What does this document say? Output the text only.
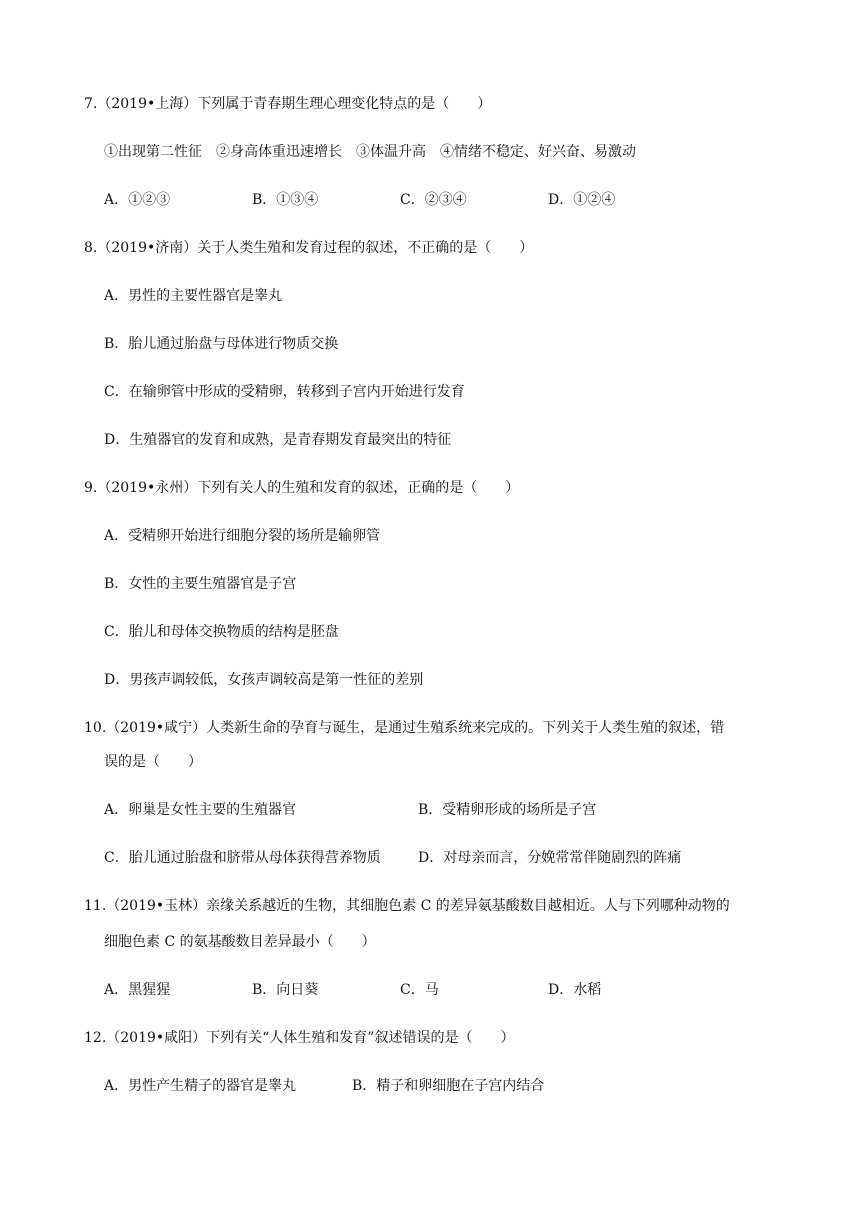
7.（2019•上海）下列属于青春期生理心理变化特点的是（　　）
①出现第二性征　②身高体重迅速增长　③体温升高　④情绪不稳定、好兴奋、易激动
A．①②③	B．①③④	C．②③④	D．①②④
8.（2019•济南）关于人类生殖和发育过程的叙述，不正确的是（　　）
A．男性的主要性器官是睾丸
B．胎儿通过胎盘与母体进行物质交换
C．在输卵管中形成的受精卵，转移到子宫内开始进行发育
D．生殖器官的发育和成熟，是青春期发育最突出的特征
9.（2019•永州）下列有关人的生殖和发育的叙述，正确的是（　　）
A．受精卵开始进行细胞分裂的场所是输卵管
B．女性的主要生殖器官是子宫
C．胎儿和母体交换物质的结构是胚盘
D．男孩声调较低，女孩声调较高是第一性征的差别
10.（2019•咸宁）人类新生命的孕育与诞生，是通过生殖系统来完成的。下列关于人类生殖的叙述，错
误的是（　　）
A．卵巢是女性主要的生殖器官	B．受精卵形成的场所是子宫
C．胎儿通过胎盘和脐带从母体获得营养物质	D．对母亲而言，分娩常常伴随剧烈的阵痛
11.（2019•玉林）亲缘关系越近的生物，其细胞色素 C 的差异氨基酸数目越相近。人与下列哪种动物的
细胞色素 C 的氨基酸数目差异最小（　　）
A．黑猩猩	B．向日葵	C．马	D．水稻
12.（2019•咸阳）下列有关“人体生殖和发育”叙述错误的是（　　）
A．男性产生精子的器官是睾丸	B．精子和卵细胞在子宫内结合
